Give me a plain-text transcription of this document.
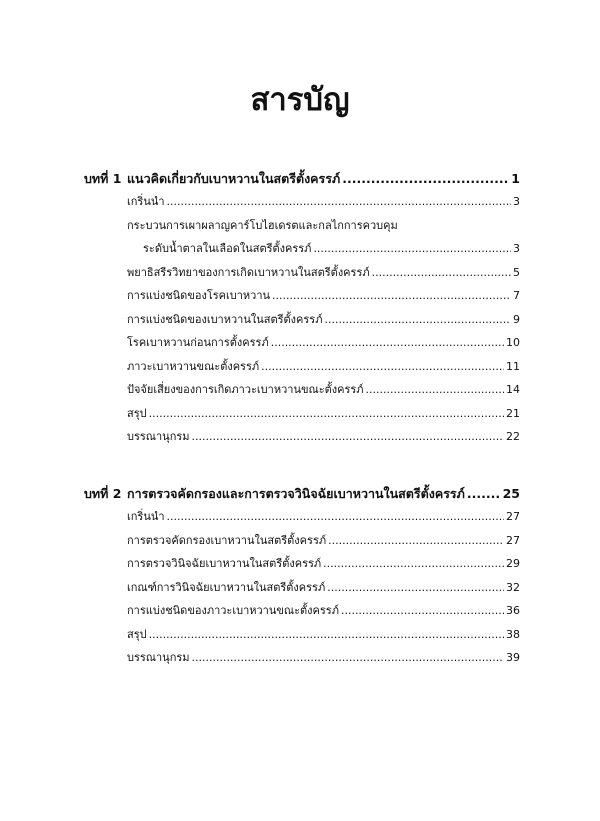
สารบัญ
บทที่ 1 แนวคิดเกี่ยวกับเบาหวานในสตรีตั้งครรภ์ .....	1
เกริ่นนำ .....	3
กระบวนการเผาผลาญคาร์โบไฮเดรตและกลไกการควบคุม
ระดับน้ำตาลในเลือดในสตรีตั้งครรภ์ .....	3
พยาธิสรีรวิทยาของการเกิดเบาหวานในสตรีตั้งครรภ์ .....	5
การแบ่งชนิดของโรคเบาหวาน .....	7
การแบ่งชนิดของเบาหวานในสตรีตั้งครรภ์ .....	9
โรคเบาหวานก่อนการตั้งครรภ์ .....	10
ภาวะเบาหวานขณะตั้งครรภ์ .....	11
ปัจจัยเสี่ยงของการเกิดภาวะเบาหวานขณะตั้งครรภ์ .....	14
สรุป .....	21
บรรณานุกรม .....	22
บทที่ 2 การตรวจคัดกรองและการตรวจวินิจฉัยเบาหวานในสตรีตั้งครรภ์ .....	25
เกริ่นนำ .....	27
การตรวจคัดกรองเบาหวานในสตรีตั้งครรภ์ .....	27
การตรวจวินิจฉัยเบาหวานในสตรีตั้งครรภ์ .....	29
เกณฑ์การวินิจฉัยเบาหวานในสตรีตั้งครรภ์ .....	32
การแบ่งชนิดของภาวะเบาหวานขณะตั้งครรภ์ .....	36
สรุป .....	38
บรรณานุกรม .....	39
